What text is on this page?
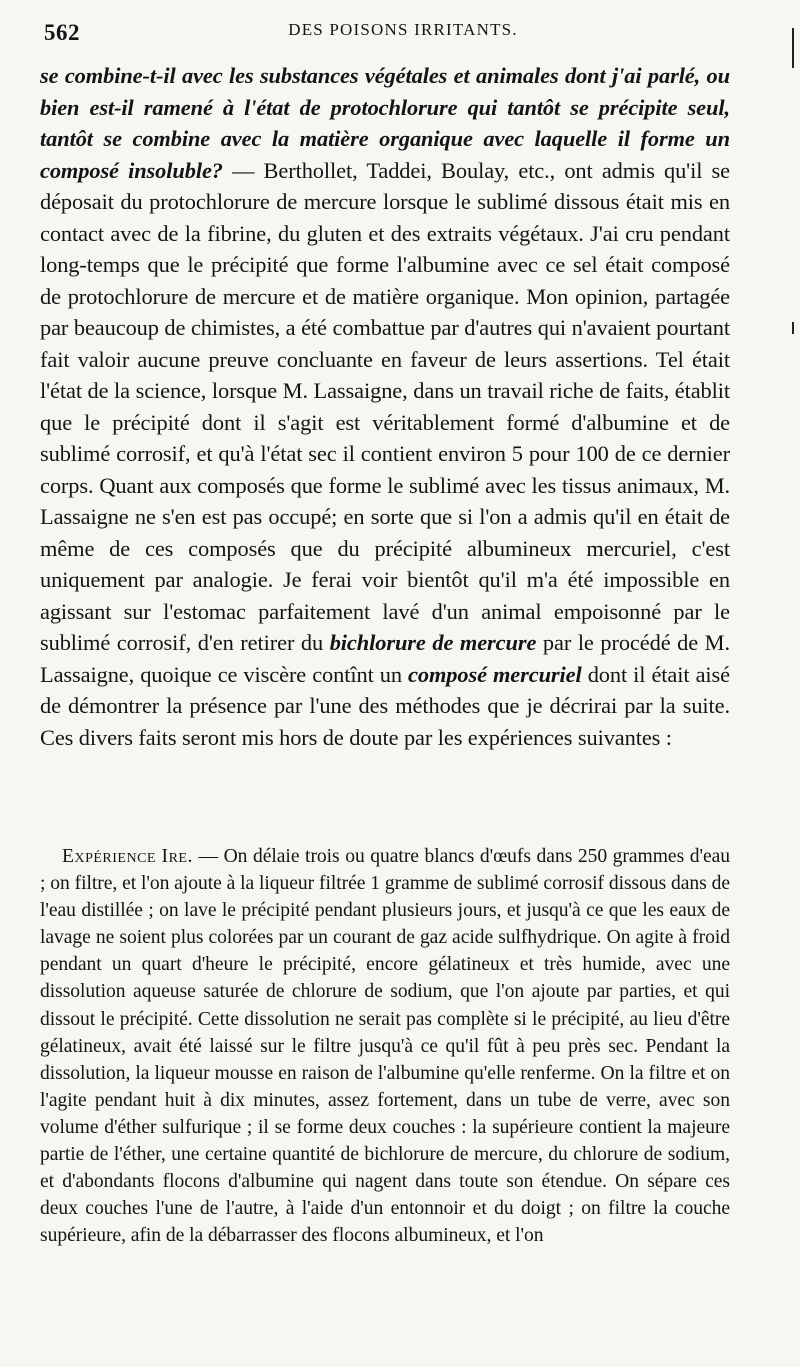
562	DES POISONS IRRITANTS.

se combine-t-il avec les substances végétales et animales dont j'ai parlé, ou bien est-il ramené à l'état de protochlorure qui tantôt se précipite seul, tantôt se combine avec la matière organique avec laquelle il forme un composé insoluble? — Berthollet, Taddei, Boulay, etc., ont admis qu'il se déposait du protochlorure de mercure lorsque le sublimé dissous était mis en contact avec de la fibrine, du gluten et des extraits végétaux. J'ai cru pendant long-temps que le précipité que forme l'albumine avec ce sel était composé de protochlorure de mercure et de matière organique. Mon opinion, partagée par beaucoup de chimistes, a été combattue par d'autres qui n'avaient pourtant fait valoir aucune preuve concluante en faveur de leurs assertions. Tel était l'état de la science, lorsque M. Lassaigne, dans un travail riche de faits, établit que le précipité dont il s'agit est véritablement formé d'albumine et de sublimé corrosif, et qu'à l'état sec il contient environ 5 pour 100 de ce dernier corps. Quant aux composés que forme le sublimé avec les tissus animaux, M. Lassaigne ne s'en est pas occupé; en sorte que si l'on a admis qu'il en était de même de ces composés que du précipité albumineux mercuriel, c'est uniquement par analogie. Je ferai voir bientôt qu'il m'a été impossible en agissant sur l'estomac parfaitement lavé d'un animal empoisonné par le sublimé corrosif, d'en retirer du bichlorure de mercure par le procédé de M. Lassaigne, quoique ce viscère contînt un composé mercuriel dont il était aisé de démontrer la présence par l'une des méthodes que je décrirai par la suite. Ces divers faits seront mis hors de doute par les expériences suivantes :

Expérience Ire. — On délaie trois ou quatre blancs d'œufs dans 250 grammes d'eau ; on filtre, et l'on ajoute à la liqueur filtrée 1 gramme de sublimé corrosif dissous dans de l'eau distillée ; on lave le précipité pendant plusieurs jours, et jusqu'à ce que les eaux de lavage ne soient plus colorées par un courant de gaz acide sulfhydrique. On agite à froid pendant un quart d'heure le précipité, encore gélatineux et très humide, avec une dissolution aqueuse saturée de chlorure de sodium, que l'on ajoute par parties, et qui dissout le précipité. Cette dissolution ne serait pas complète si le précipité, au lieu d'être gélatineux, avait été laissé sur le filtre jusqu'à ce qu'il fût à peu près sec. Pendant la dissolution, la liqueur mousse en raison de l'albumine qu'elle renferme. On la filtre et on l'agite pendant huit à dix minutes, assez fortement, dans un tube de verre, avec son volume d'éther sulfurique ; il se forme deux couches : la supérieure contient la majeure partie de l'éther, une certaine quantité de bichlorure de mercure, du chlorure de sodium, et d'abondants flocons d'albumine qui nagent dans toute son étendue. On sépare ces deux couches l'une de l'autre, à l'aide d'un entonnoir et du doigt ; on filtre la couche supérieure, afin de la débarrasser des flocons albumineux, et l'on
